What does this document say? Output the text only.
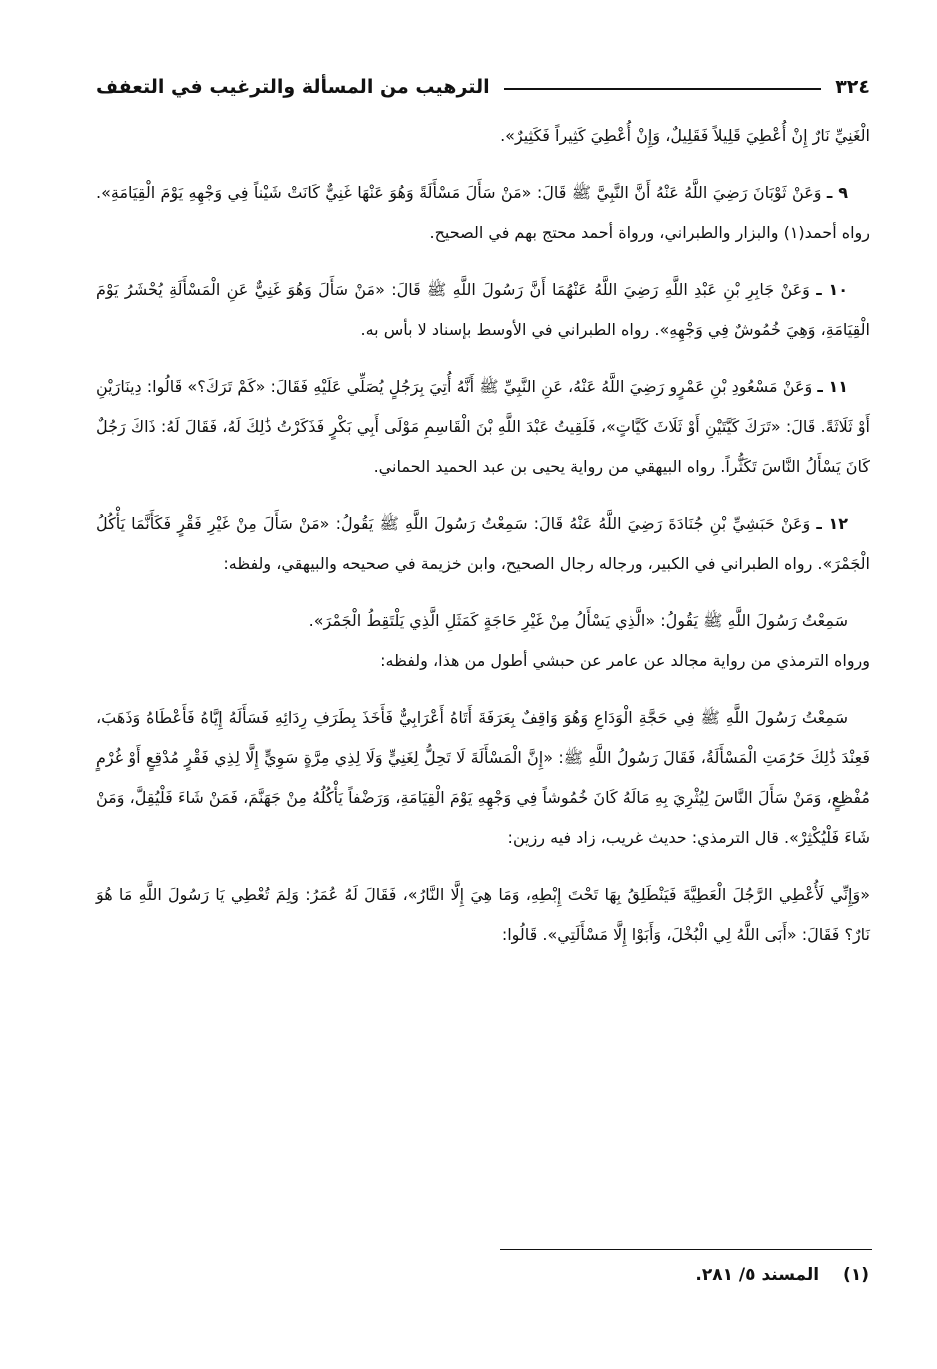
٣٢٤
الترهيب من المسألة والترغيب في التعفف

الْغَنِيِّ نَارٌ إِنْ أُعْطِيَ قَلِيلاً فَقَلِيلٌ، وَإِنْ أُعْطِيَ كَثِيراً فَكَثِيرٌ».

٩ ـ وَعَنْ ثَوْبَانَ رَضِيَ اللَّهُ عَنْهُ أَنَّ النَّبِيَّ ﷺ قَالَ: «مَنْ سَأَلَ مَسْأَلَةً وَهُوَ عَنْهَا غَنِيٌّ كَانَتْ شَيْناً فِي وَجْهِهِ يَوْمَ الْقِيَامَةِ». رواه أحمد(١) والبزار والطبراني، ورواة أحمد محتج بهم في الصحيح.

١٠ ـ وَعَنْ جَابِرِ بْنِ عَبْدِ اللَّهِ رَضِيَ اللَّهُ عَنْهُمَا أَنَّ رَسُولَ اللَّهِ ﷺ قَالَ: «مَنْ سَأَلَ وَهُوَ غَنِيٌّ عَنِ الْمَسْأَلَةِ يُحْشَرُ يَوْمَ الْقِيَامَةِ، وَهِيَ خُمُوشٌ فِي وَجْهِهِ». رواه الطبراني في الأوسط بإسناد لا بأس به.

١١ ـ وَعَنْ مَسْعُودِ بْنِ عَمْرٍو رَضِيَ اللَّهُ عَنْهُ، عَنِ النَّبِيِّ ﷺ أَنَّهُ أُتِيَ بِرَجُلٍ يُصَلِّي عَلَيْهِ فَقَالَ: «كَمْ تَرَكَ؟» قَالُوا: دِينَارَيْنِ أَوْ ثَلَاثَةً. قَالَ: «تَرَكَ كَيَّتَيْنِ أَوْ ثَلَاثَ كَيَّاتٍ»، فَلَقِيتُ عَبْدَ اللَّهِ بْنَ الْقَاسِمِ مَوْلَى أَبِي بَكْرٍ فَذَكَرْتُ ذَٰلِكَ لَهُ، فَقَالَ لَهُ: ذَاكَ رَجُلٌ كَانَ يَسْأَلُ النَّاسَ تَكَثُّراً. رواه البيهقي من رواية يحيى بن عبد الحميد الحماني.

١٢ ـ وَعَنْ حَبَشِيِّ بْنِ جُنَادَةَ رَضِيَ اللَّهُ عَنْهُ قَالَ: سَمِعْتُ رَسُولَ اللَّهِ ﷺ يَقُولُ: «مَنْ سَأَلَ مِنْ غَيْرِ فَقْرٍ فَكَأَنَّمَا يَأْكُلُ الْجَمْرَ». رواه الطبراني في الكبير، ورجاله رجال الصحيح، وابن خزيمة في صحيحه والبيهقي، ولفظه:

سَمِعْتُ رَسُولَ اللَّهِ ﷺ يَقُولُ: «الَّذِي يَسْأَلُ مِنْ غَيْرِ حَاجَةٍ كَمَثَلِ الَّذِي يَلْتَقِطُ الْجَمْرَ».

ورواه الترمذي من رواية مجالد عن عامر عن حبشي أطول من هذا، ولفظه:

سَمِعْتُ رَسُولَ اللَّهِ ﷺ فِي حَجَّةِ الْوَدَاعِ وَهُوَ وَاقِفٌ بِعَرَفَةَ أَتَاهُ أَعْرَابِيٌّ فَأَخَذَ بِطَرَفِ رِدَائِهِ فَسَأَلَهُ إِيَّاهُ فَأَعْطَاهُ وَذَهَبَ، فَعِنْدَ ذَٰلِكَ حَرُمَتِ الْمَسْأَلَةُ، فَقَالَ رَسُولُ اللَّهِ ﷺ: «إِنَّ الْمَسْأَلَةَ لَا تَحِلُّ لِغَنِيٍّ وَلَا لِذِي مِرَّةٍ سَوِيٍّ إِلَّا لِذِي فَقْرٍ مُدْقِعٍ أَوْ غُرْمٍ مُفْظِعٍ، وَمَنْ سَأَلَ النَّاسَ لِيُثْرِيَ بِهِ مَالَهُ كَانَ خُمُوشاً فِي وَجْهِهِ يَوْمَ الْقِيَامَةِ، وَرَضْفاً يَأْكُلُهُ مِنْ جَهَنَّمَ، فَمَنْ شَاءَ فَلْيُقِلَّ، وَمَنْ شَاءَ فَلْيُكْثِرْ». قال الترمذي: حديث غريب، زاد فيه رزين:

«وَإِنِّي لَأُعْطِي الرَّجُلَ الْعَطِيَّةَ فَيَنْطَلِقُ بِهَا تَحْتَ إِبْطِهِ، وَمَا هِيَ إِلَّا النَّارُ»، فَقَالَ لَهُ عُمَرُ: وَلِمَ تُعْطِي يَا رَسُولَ اللَّهِ مَا هُوَ نَارٌ؟ فَقَالَ: «أَبَى اللَّهُ لِي الْبُخْلَ، وَأَبَوْا إِلَّا مَسْأَلَتِي». قَالُوا:

(١) المسند ٥/ ٢٨١.
